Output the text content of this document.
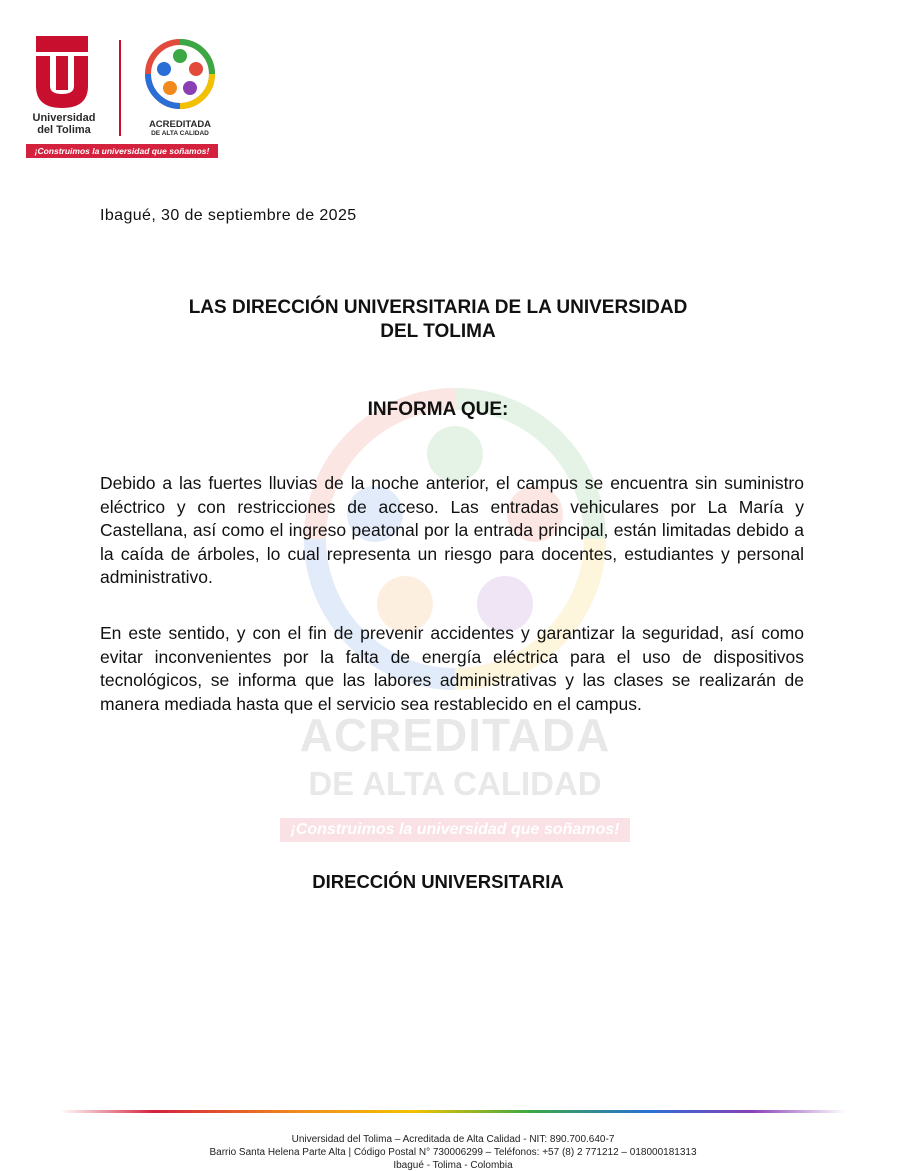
ACREDITADA
DE ALTA CALIDAD
¡Construimos la universidad que soñamos!
Universidad
del Tolima	ACREDITADA
DE ALTA CALIDAD
¡Construimos la universidad que soñamos!
Ibagué, 30 de septiembre de 2025
LAS DIRECCIÓN UNIVERSITARIA DE LA UNIVERSIDAD
DEL TOLIMA
INFORMA QUE:
Debido a las fuertes lluvias de la noche anterior, el campus se encuentra sin suministro eléctrico y con restricciones de acceso. Las entradas vehiculares por La María y Castellana, así como el ingreso peatonal por la entrada principal, están limitadas debido a la caída de árboles, lo cual representa un riesgo para docentes, estudiantes y personal administrativo.
En este sentido, y con el fin de prevenir accidentes y garantizar la seguridad, así como evitar inconvenientes por la falta de energía eléctrica para el uso de dispositivos tecnológicos, se informa que las labores administrativas y las clases se realizarán de manera mediada hasta que el servicio sea restablecido en el campus.
DIRECCIÓN UNIVERSITARIA
Universidad del Tolima – Acreditada de Alta Calidad - NIT: 890.700.640-7
Barrio Santa Helena Parte Alta | Código Postal N° 730006299 – Teléfonos: +57 (8) 2 771212 – 018000181313
Ibagué - Tolima - Colombia
